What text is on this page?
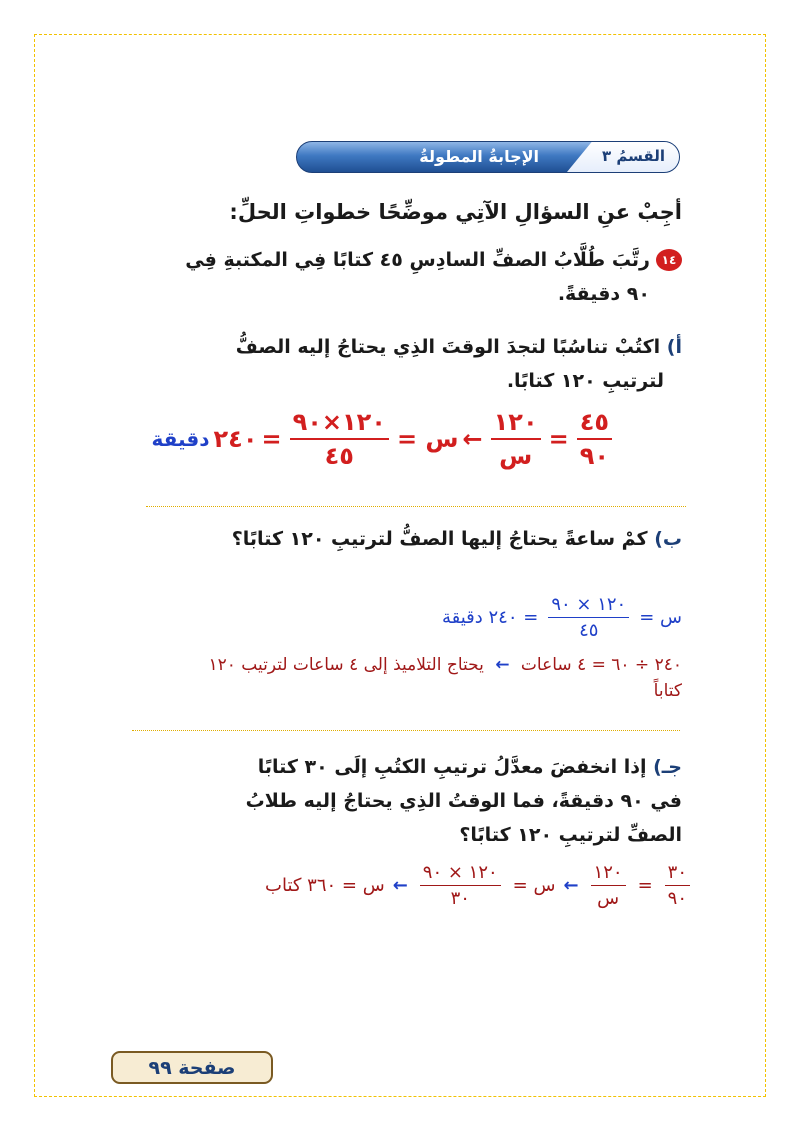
القسمُ ٣
الإجابةُ المطولةُ
أجِبْ عنِ السؤالِ الآتِي موضِّحًا خطواتِ الحلِّ:
١٤رتَّبَ طُلَّابُ الصفِّ السادِسِ ٤٥ كتابًا فِي المكتبةِ فِي
٩٠ دقيقةً.
أ) اكتُبْ تناسُبًا لتجدَ الوقتَ الذِي يحتاجُ إليه الصفُّ
لترتيبِ ١٢٠ كتابًا.
$\frac{٤٥}{٩٠}$
=
$\frac{١٢٠}{\text{س}}$
←
س =
$\frac{١٢٠\times ٩٠}{٤٥}$
=
٢٤٠
دقيقة
ب) كمْ ساعةً يحتاجُ إليها الصفُّ لترتيبِ ١٢٠ كتابًا؟
س =
$\frac{١٢٠ \times ٩٠}{٤٥}$
= ٢٤٠ دقيقة
٢٤٠ ÷ ٦٠ = ٤ ساعات ← يحتاج التلاميذ إلى ٤ ساعات لترتيب ١٢٠
كتاباً
جـ) إذا انخفضَ معدَّلُ ترتيبِ الكتُبِ إلَى ٣٠ كتابًا
في ٩٠ دقيقةً، فما الوقتُ الذِي يحتاجُ إليه طلابُ
الصفِّ لترتيبِ ١٢٠ كتابًا؟
$\frac{٣٠}{٩٠}$
=
$\frac{١٢٠}{\text{س}}$
←
س =
$\frac{١٢٠ \times ٩٠}{٣٠}$
←
س = ٣٦٠ كتاب
صفحة ٩٩
